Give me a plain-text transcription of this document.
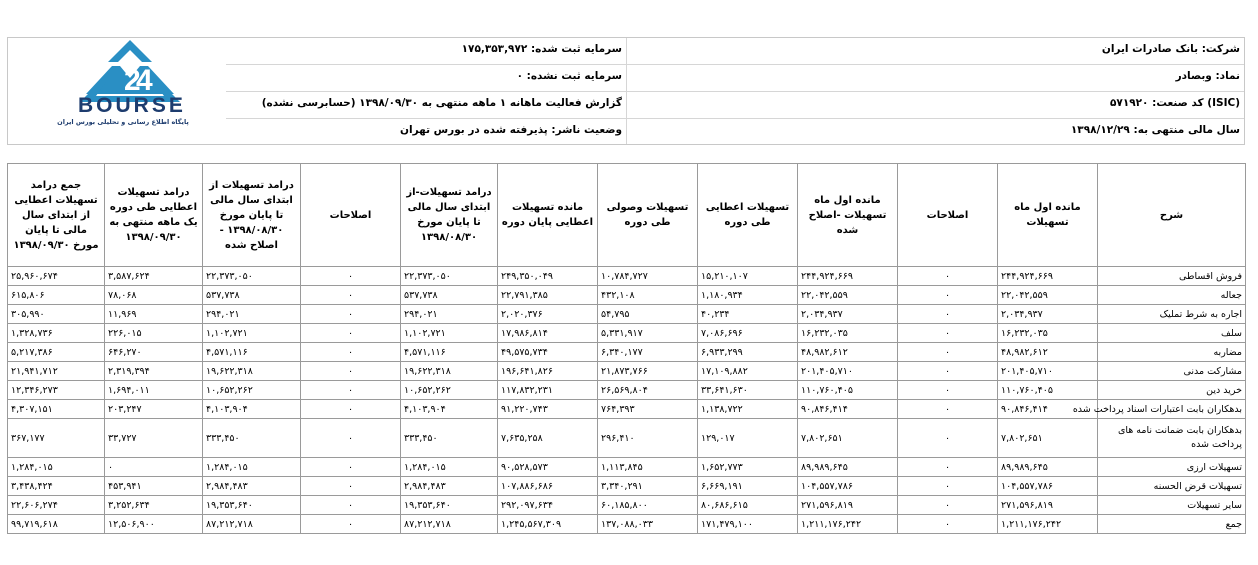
2
4
BOURSE
پایگاه اطلاع رسانی و تحلیلی بورس ایران
شرکت: بانک صادرات ایران
نماد: وبصادر
(ISIC) کد صنعت: ۵۷۱۹۲۰
سال مالی منتهی به: ۱۳۹۸/۱۲/۲۹
سرمایه ثبت شده: ۱۷۵,۳۵۳,۹۷۲
سرمایه ثبت نشده: ۰
گزارش فعالیت ماهانه ۱ ماهه منتهی به ۱۳۹۸/۰۹/۳۰ (حسابرسی نشده)
وضعیت ناشر: پذیرفته شده در بورس تهران
شرح	مانده اول ماه تسهیلات	اصلاحات	مانده اول ماه تسهیلات -اصلاح شده	تسهیلات اعطایی طی دوره	تسهیلات وصولی طی دوره	مانده تسهیلات اعطایی پایان دوره	درامد تسهیلات-از ابتدای سال مالی تا پایان مورخ ۱۳۹۸/۰۸/۳۰	اصلاحات	درامد تسهیلات از ابتدای سال مالی تا پایان مورخ ۱۳۹۸/۰۸/۳۰ - اصلاح شده	درامد تسهیلات اعطایی طی دوره یک ماهه منتهی به ۱۳۹۸/۰۹/۳۰	جمع درامد تسهیلات اعطایی از ابتدای سال مالی تا پایان مورخ ۱۳۹۸/۰۹/۳۰
فروش اقساطی	۲۴۴,۹۲۴,۶۶۹	۰	۲۴۴,۹۲۴,۶۶۹	۱۵,۲۱۰,۱۰۷	۱۰,۷۸۴,۷۲۷	۲۴۹,۳۵۰,۰۴۹	۲۲,۳۷۳,۰۵۰	۰	۲۲,۳۷۳,۰۵۰	۳,۵۸۷,۶۲۴	۲۵,۹۶۰,۶۷۴
جعاله	۲۲,۰۴۲,۵۵۹	۰	۲۲,۰۴۲,۵۵۹	۱,۱۸۰,۹۳۴	۴۳۲,۱۰۸	۲۲,۷۹۱,۳۸۵	۵۳۷,۷۳۸	۰	۵۳۷,۷۳۸	۷۸,۰۶۸	۶۱۵,۸۰۶
اجاره به شرط تملیک	۲,۰۳۴,۹۳۷	۰	۲,۰۳۴,۹۳۷	۴۰,۲۳۴	۵۴,۷۹۵	۲,۰۲۰,۳۷۶	۲۹۴,۰۲۱	۰	۲۹۴,۰۲۱	۱۱,۹۶۹	۳۰۵,۹۹۰
سلف	۱۶,۲۳۲,۰۳۵	۰	۱۶,۲۳۲,۰۳۵	۷,۰۸۶,۶۹۶	۵,۳۳۱,۹۱۷	۱۷,۹۸۶,۸۱۴	۱,۱۰۲,۷۲۱	۰	۱,۱۰۲,۷۲۱	۲۲۶,۰۱۵	۱,۳۲۸,۷۳۶
مضاربه	۴۸,۹۸۲,۶۱۲	۰	۴۸,۹۸۲,۶۱۲	۶,۹۳۳,۲۹۹	۶,۳۴۰,۱۷۷	۴۹,۵۷۵,۷۳۴	۴,۵۷۱,۱۱۶	۰	۴,۵۷۱,۱۱۶	۶۴۶,۲۷۰	۵,۲۱۷,۳۸۶
مشارکت مدنی	۲۰۱,۴۰۵,۷۱۰	۰	۲۰۱,۴۰۵,۷۱۰	۱۷,۱۰۹,۸۸۲	۲۱,۸۷۳,۷۶۶	۱۹۶,۶۴۱,۸۲۶	۱۹,۶۲۲,۳۱۸	۰	۱۹,۶۲۲,۳۱۸	۲,۳۱۹,۳۹۴	۲۱,۹۴۱,۷۱۲
خرید دین	۱۱۰,۷۶۰,۴۰۵	۰	۱۱۰,۷۶۰,۴۰۵	۳۳,۶۴۱,۶۳۰	۲۶,۵۶۹,۸۰۴	۱۱۷,۸۳۲,۲۳۱	۱۰,۶۵۲,۲۶۲	۰	۱۰,۶۵۲,۲۶۲	۱,۶۹۴,۰۱۱	۱۲,۳۴۶,۲۷۳
بدهکاران بابت اعتبارات اسناد پرداخت شده	۹۰,۸۴۶,۴۱۴	۰	۹۰,۸۴۶,۴۱۴	۱,۱۳۸,۷۲۲	۷۶۴,۳۹۳	۹۱,۲۲۰,۷۴۳	۴,۱۰۳,۹۰۴	۰	۴,۱۰۳,۹۰۴	۲۰۳,۲۴۷	۴,۳۰۷,۱۵۱
بدهکاران بابت ضمانت نامه های پرداخت شده	۷,۸۰۲,۶۵۱	۰	۷,۸۰۲,۶۵۱	۱۲۹,۰۱۷	۲۹۶,۴۱۰	۷,۶۳۵,۲۵۸	۳۳۳,۴۵۰	۰	۳۳۳,۴۵۰	۳۳,۷۲۷	۳۶۷,۱۷۷
تسهیلات ارزی	۸۹,۹۸۹,۶۴۵	۰	۸۹,۹۸۹,۶۴۵	۱,۶۵۲,۷۷۳	۱,۱۱۳,۸۴۵	۹۰,۵۲۸,۵۷۳	۱,۲۸۴,۰۱۵	۰	۱,۲۸۴,۰۱۵	۰	۱,۲۸۴,۰۱۵
تسهیلات قرض الحسنه	۱۰۴,۵۵۷,۷۸۶	۰	۱۰۴,۵۵۷,۷۸۶	۶,۶۶۹,۱۹۱	۳,۳۴۰,۲۹۱	۱۰۷,۸۸۶,۶۸۶	۲,۹۸۴,۴۸۳	۰	۲,۹۸۴,۴۸۳	۴۵۳,۹۴۱	۳,۴۳۸,۴۲۴
سایر تسهیلات	۲۷۱,۵۹۶,۸۱۹	۰	۲۷۱,۵۹۶,۸۱۹	۸۰,۶۸۶,۶۱۵	۶۰,۱۸۵,۸۰۰	۲۹۲,۰۹۷,۶۳۴	۱۹,۳۵۳,۶۴۰	۰	۱۹,۳۵۳,۶۴۰	۳,۲۵۲,۶۳۴	۲۲,۶۰۶,۲۷۴
جمع	۱,۲۱۱,۱۷۶,۲۴۲	۰	۱,۲۱۱,۱۷۶,۲۴۲	۱۷۱,۴۷۹,۱۰۰	۱۳۷,۰۸۸,۰۳۳	۱,۲۴۵,۵۶۷,۳۰۹	۸۷,۲۱۲,۷۱۸	۰	۸۷,۲۱۲,۷۱۸	۱۲,۵۰۶,۹۰۰	۹۹,۷۱۹,۶۱۸
